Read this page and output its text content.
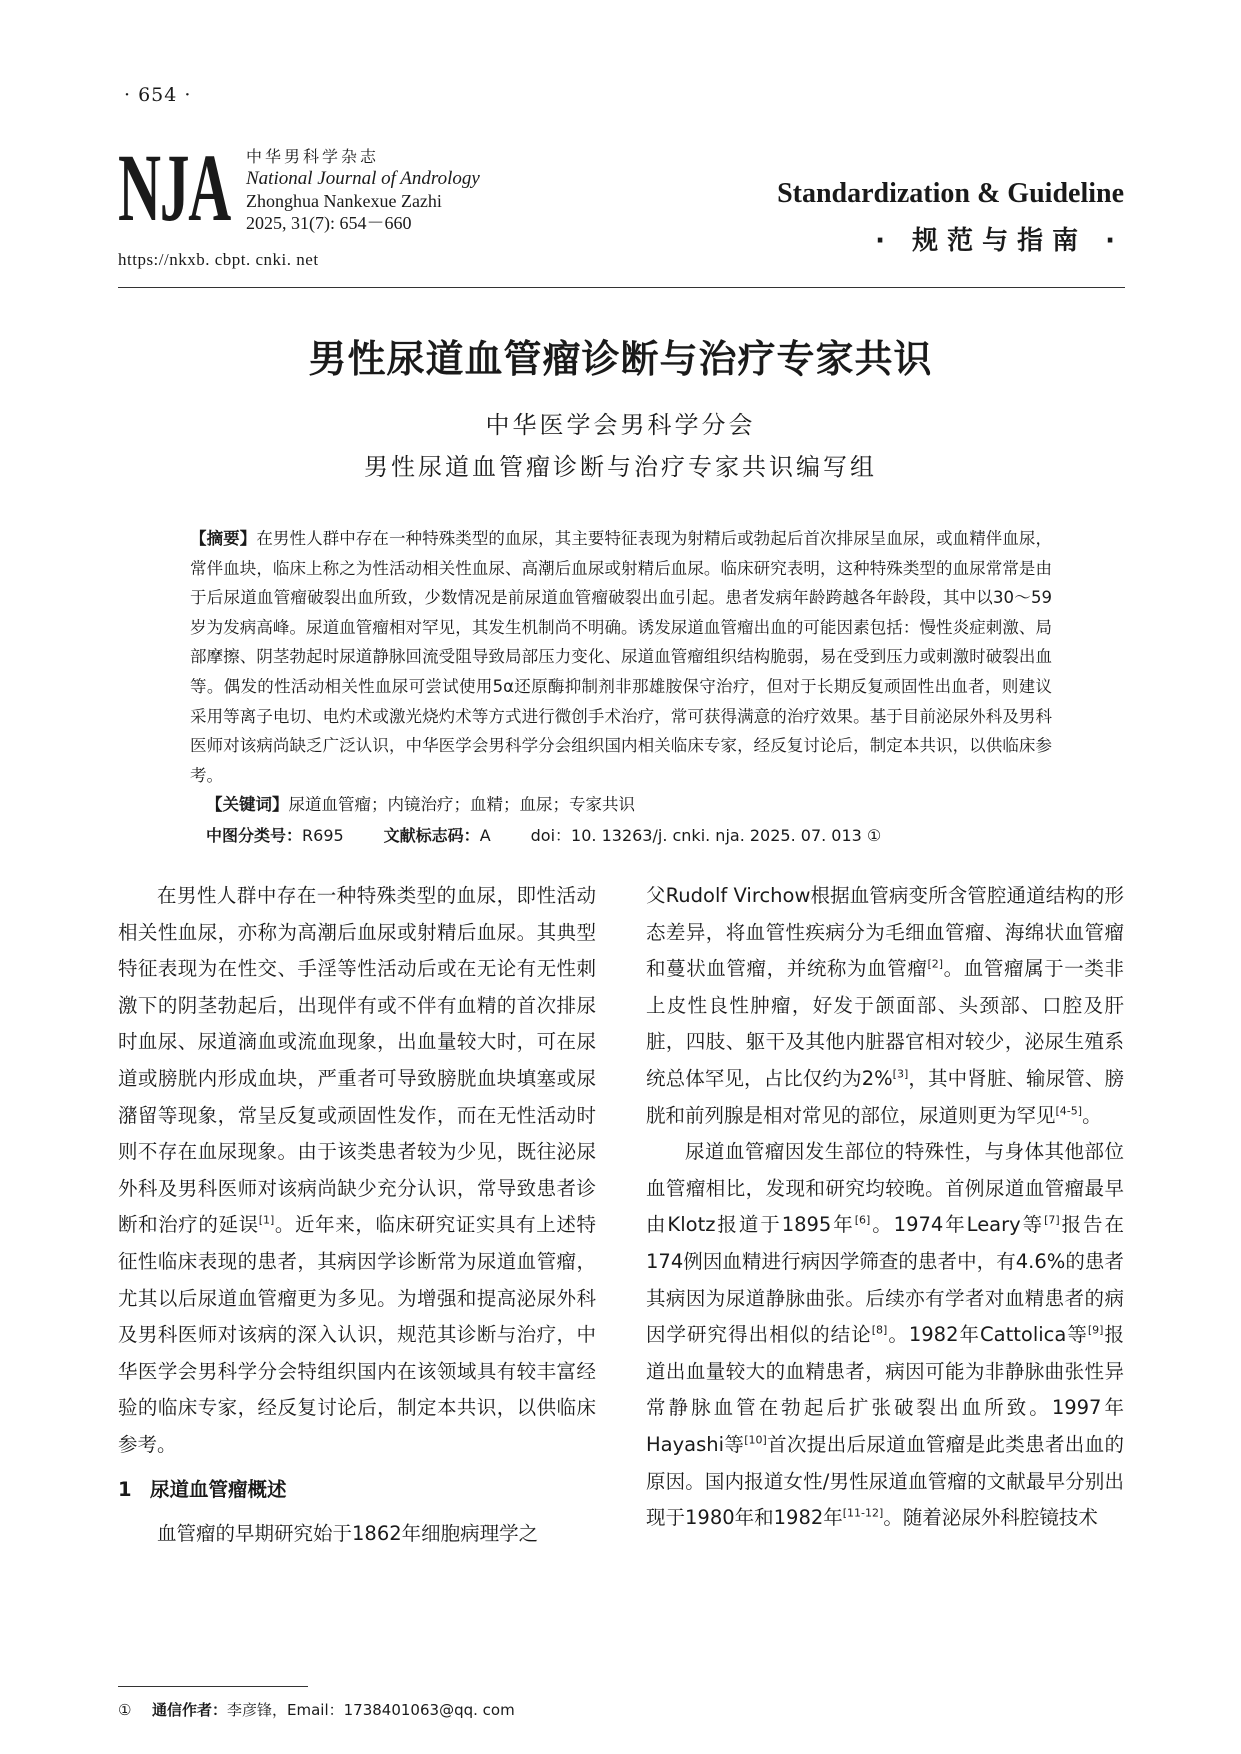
· 654 ·
NJA 中华男科学杂志
National Journal of Andrology
Zhonghua Nankexue Zazhi
2025, 31(7): 654－660
https://nkxb. cbpt. cnki. net
Standardization & Guideline
· 规范与指南 ·
男性尿道血管瘤诊断与治疗专家共识
中华医学会男科学分会
男性尿道血管瘤诊断与治疗专家共识编写组
【摘要】在男性人群中存在一种特殊类型的血尿，其主要特征表现为射精后或勃起后首次排尿呈血尿，或血精伴血尿，常伴血块，临床上称之为性活动相关性血尿、高潮后血尿或射精后血尿。临床研究表明，这种特殊类型的血尿常常是由于后尿道血管瘤破裂出血所致，少数情况是前尿道血管瘤破裂出血引起。患者发病年龄跨越各年龄段，其中以30～59岁为发病高峰。尿道血管瘤相对罕见，其发生机制尚不明确。诱发尿道血管瘤出血的可能因素包括：慢性炎症刺激、局部摩擦、阴茎勃起时尿道静脉回流受阻导致局部压力变化、尿道血管瘤组织结构脆弱，易在受到压力或刺激时破裂出血等。偶发的性活动相关性血尿可尝试使用5α还原酶抑制剂非那雄胺保守治疗，但对于长期反复顽固性出血者，则建议采用等离子电切、电灼术或激光烧灼术等方式进行微创手术治疗，常可获得满意的治疗效果。基于目前泌尿外科及男科医师对该病尚缺乏广泛认识，中华医学会男科学分会组织国内相关临床专家，经反复讨论后，制定本共识，以供临床参考。
【关键词】尿道血管瘤；内镜治疗；血精；血尿；专家共识
中图分类号：R695	文献标志码：A	doi：10. 13263/j. cnki. nja. 2025. 07. 013 ①

在男性人群中存在一种特殊类型的血尿，即性活动相关性血尿，亦称为高潮后血尿或射精后血尿。其典型特征表现为在性交、手淫等性活动后或在无论有无性刺激下的阴茎勃起后，出现伴有或不伴有血精的首次排尿时血尿、尿道滴血或流血现象，出血量较大时，可在尿道或膀胱内形成血块，严重者可导致膀胱血块填塞或尿潴留等现象，常呈反复或顽固性发作，而在无性活动时则不存在血尿现象。由于该类患者较为少见，既往泌尿外科及男科医师对该病尚缺少充分认识，常导致患者诊断和治疗的延误[1]。近年来，临床研究证实具有上述特征性临床表现的患者，其病因学诊断常为尿道血管瘤，尤其以后尿道血管瘤更为多见。为增强和提高泌尿外科及男科医师对该病的深入认识，规范其诊断与治疗，中华医学会男科学分会特组织国内在该领域具有较丰富经验的临床专家，经反复讨论后，制定本共识，以供临床参考。

1 尿道血管瘤概述

血管瘤的早期研究始于1862年细胞病理学之

父Rudolf Virchow根据血管病变所含管腔通道结构的形态差异，将血管性疾病分为毛细血管瘤、海绵状血管瘤和蔓状血管瘤，并统称为血管瘤[2]。血管瘤属于一类非上皮性良性肿瘤，好发于颌面部、头颈部、口腔及肝脏，四肢、躯干及其他内脏器官相对较少，泌尿生殖系统总体罕见，占比仅约为2%[3]，其中肾脏、输尿管、膀胱和前列腺是相对常见的部位，尿道则更为罕见[4-5]。

尿道血管瘤因发生部位的特殊性，与身体其他部位血管瘤相比，发现和研究均较晚。首例尿道血管瘤最早由Klotz报道于1895年[6]。1974年Leary等[7]报告在174例因血精进行病因学筛查的患者中，有4.6%的患者其病因为尿道静脉曲张。后续亦有学者对血精患者的病因学研究得出相似的结论[8]。1982年Cattolica等[9]报道出血量较大的血精患者，病因可能为非静脉曲张性异常静脉血管在勃起后扩张破裂出血所致。1997年Hayashi等[10]首次提出后尿道血管瘤是此类患者出血的原因。国内报道女性/男性尿道血管瘤的文献最早分别出现于1980年和1982年[11-12]。随着泌尿外科腔镜技术

① 通信作者：李彦锋，Email：1738401063@qq. com
